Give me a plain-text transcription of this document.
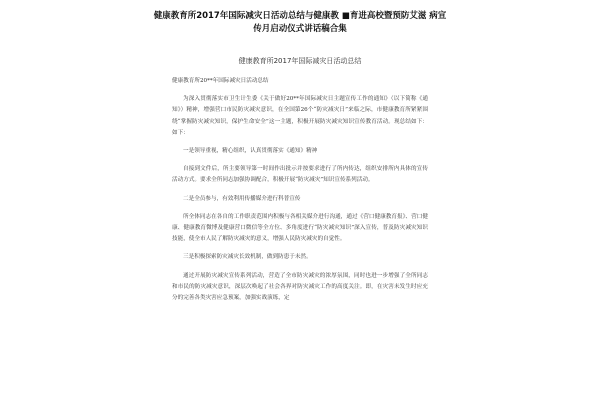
健康教育所2017年国际减灾日活动总结与健康教 ■育进高校暨预防艾滋 病宣传月启动仪式讲话稿合集
健康教育所2017年国际减灾日活动总结

健康教育所20**年国际减灾日活动总结

为深入贯彻落实市卫生计生委《关于做好20**年国际减灾日主题宣传工作的通知》（以下简称《通知》）精神，增强营口市民防灾减灾意识，在全国第26个“防灾减灾日”来临之际，市健康教育所紧紧围绕“掌握防灾减灾知识，保护生命安全”这一主题，积极开展防灾减灾知识宣传教育活动。现总结如下：如下：

一是领导重视，精心组织，认真贯彻落实《通知》精神

自接到文件后，所主要领导第一时间作出批示并按要求进行了所内传达，组织安排所内具体的宣传活动方式。要求全所同志加强协调配合，积极开展“防灾减灾”知识宣传系列活动。

二是全员参与，有效利用传播媒介进行科普宣传

所全体同志在各自的工作职责范围内积极与各相关媒介进行沟通，通过《营口健康教育报》、营口健康、健康教育微博及健康营口微信等全方位、多角度进行“防灾减灾知识”深入宣传，普及防灾减灾知识技能，使全市人民了解防灾减灾的意义，增强人民防灾减灾的自觉性。

三是积极探索防灾减灾长效机制，做到防患于未然。

通过开展防灾减灾宣传系列活动，营造了全市防灾减灾的浓厚氛围，同时也进一步增强了全所同志和市民的防灾减灾意识，深层次唤起了社会各界对防灾减灾工作的高度关注。即，在灾害未发生时应充分的完善各类灾害应急预案，加强实战演练，定
